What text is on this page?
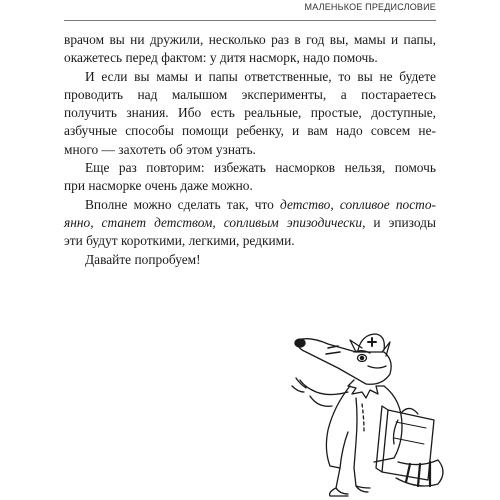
МАЛЕНЬКОЕ ПРЕДИСЛОВИЕ

врачом вы ни дружили, несколько раз в год вы, мамы и папы,
окажетесь перед фактом: у дитя насморк, надо помочь.

И если вы мамы и папы ответственные, то вы не будете
проводить над малышом эксперименты, а постараетесь
получить знания. Ибо есть реальные, простые, доступные,
азбучные способы помощи ребенку, и вам надо совсем не-
много — захотеть об этом узнать.

Еще раз повторим: избежать насморков нельзя, помочь
при насморке очень даже можно.

Вполне можно сделать так, что детство, сопливое посто-
янно, станет детством, сопливым эпизодически, и эпизоды
эти будут короткими, легкими, редкими.

Давайте попробуем!
